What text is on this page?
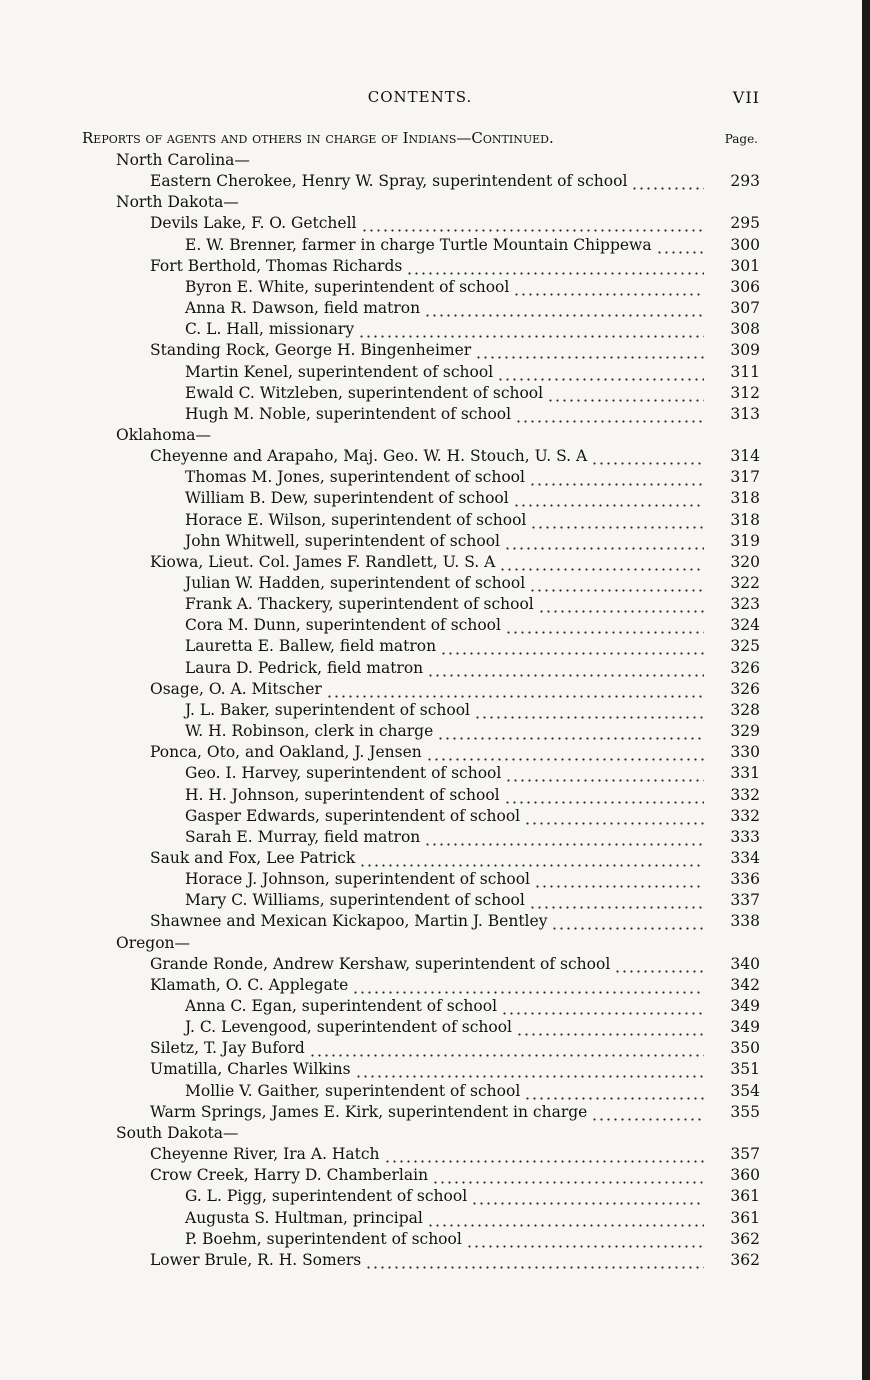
CONTENTS.	VII
Reports of agents and others in charge of Indians—Continued.	Page.
North Carolina—
Eastern Cherokee, Henry W. Spray, superintendent of school	293
North Dakota—
Devils Lake, F. O. Getchell	295
E. W. Brenner, farmer in charge Turtle Mountain Chippewa	300
Fort Berthold, Thomas Richards	301
Byron E. White, superintendent of school	306
Anna R. Dawson, field matron	307
C. L. Hall, missionary	308
Standing Rock, George H. Bingenheimer	309
Martin Kenel, superintendent of school	311
Ewald C. Witzleben, superintendent of school	312
Hugh M. Noble, superintendent of school	313
Oklahoma—
Cheyenne and Arapaho, Maj. Geo. W. H. Stouch, U. S. A	314
Thomas M. Jones, superintendent of school	317
William B. Dew, superintendent of school	318
Horace E. Wilson, superintendent of school	318
John Whitwell, superintendent of school	319
Kiowa, Lieut. Col. James F. Randlett, U. S. A	320
Julian W. Hadden, superintendent of school	322
Frank A. Thackery, superintendent of school	323
Cora M. Dunn, superintendent of school	324
Lauretta E. Ballew, field matron	325
Laura D. Pedrick, field matron	326
Osage, O. A. Mitscher	326
J. L. Baker, superintendent of school	328
W. H. Robinson, clerk in charge	329
Ponca, Oto, and Oakland, J. Jensen	330
Geo. I. Harvey, superintendent of school	331
H. H. Johnson, superintendent of school	332
Gasper Edwards, superintendent of school	332
Sarah E. Murray, field matron	333
Sauk and Fox, Lee Patrick	334
Horace J. Johnson, superintendent of school	336
Mary C. Williams, superintendent of school	337
Shawnee and Mexican Kickapoo, Martin J. Bentley	338
Oregon—
Grande Ronde, Andrew Kershaw, superintendent of school	340
Klamath, O. C. Applegate	342
Anna C. Egan, superintendent of school	349
J. C. Levengood, superintendent of school	349
Siletz, T. Jay Buford	350
Umatilla, Charles Wilkins	351
Mollie V. Gaither, superintendent of school	354
Warm Springs, James E. Kirk, superintendent in charge	355
South Dakota—
Cheyenne River, Ira A. Hatch	357
Crow Creek, Harry D. Chamberlain	360
G. L. Pigg, superintendent of school	361
Augusta S. Hultman, principal	361
P. Boehm, superintendent of school	362
Lower Brule, R. H. Somers	362
